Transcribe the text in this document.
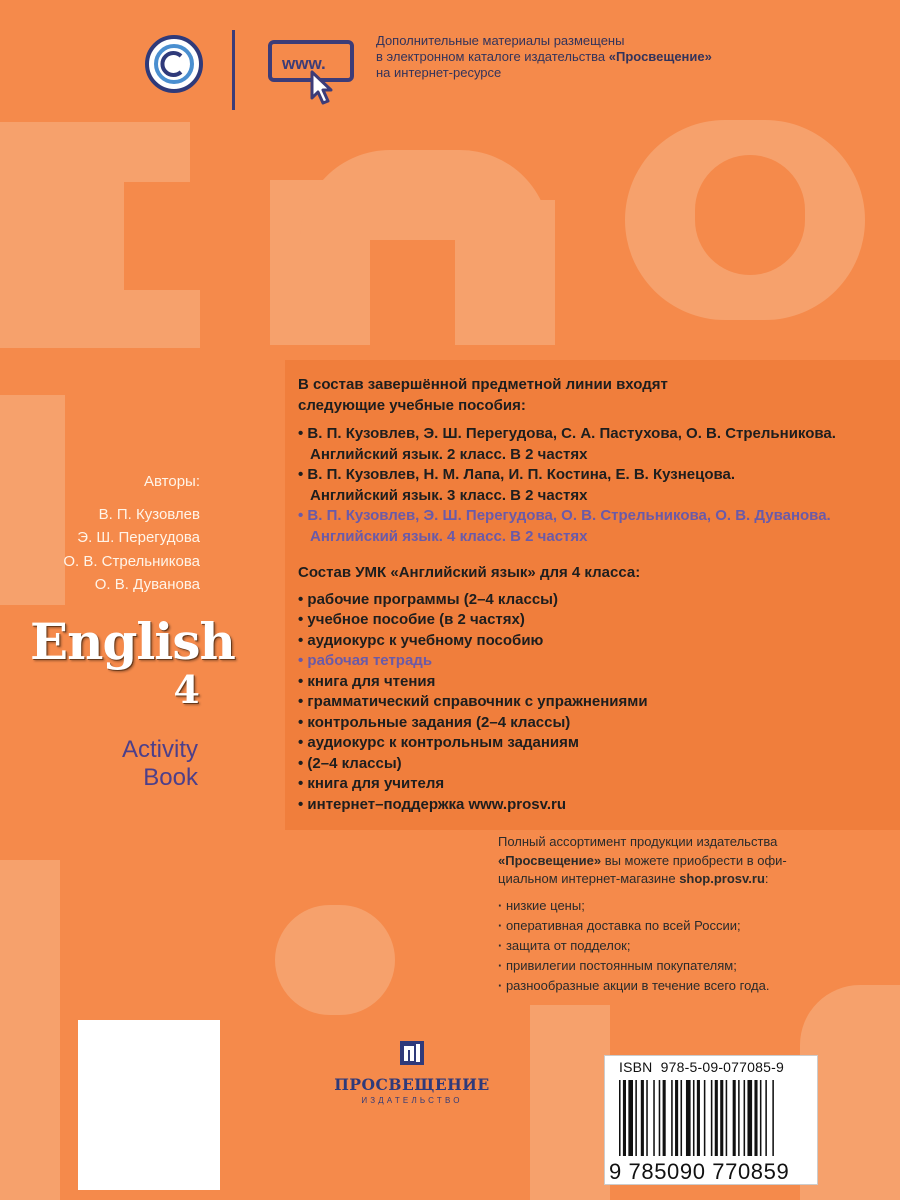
www.
Дополнительные материалы размещены
в электронном каталоге издательства «Просвещение»
на интернет-ресурсе
Авторы:
В. П. Кузовлев
Э. Ш. Перегудова
О. В. Стрельникова
О. В. Дуванова
English
4
Activity
Book

В состав завершённой предметной линии входят
следующие учебные пособия:

• В. П. Кузовлев, Э. Ш. Перегудова, С. А. Пастухова, О. В. Стрельникова.
Английский язык. 2 класс. В 2 частях
• В. П. Кузовлев, Н. М. Лапа, И. П. Костина, Е. В. Кузнецова.
Английский язык. 3 класс. В 2 частях
• В. П. Кузовлев, Э. Ш. Перегудова, О. В. Стрельникова, О. В. Дуванова.
Английский язык. 4 класс. В 2 частях

Состав УМК «Английский язык» для 4 класса:

• рабочие программы (2–4 классы)
• учебное пособие (в 2 частях)
• аудиокурс к учебному пособию
• рабочая тетрадь
• книга для чтения
• грамматический справочник с упражнениями
• контрольные задания (2–4 классы)
• аудиокурс к контрольным заданиям
• (2–4 классы)
• книга для учителя
• интернет–поддержка www.prosv.ru

Полный ассортимент продукции издательства
«Просвещение» вы можете приобрести в офи-
циальном интернет-магазине shop.prosv.ru:

· низкие цены;
· оперативная доставка по всей России;
· защита от подделок;
· привилегии постоянным покупателям;
· разнообразные акции в течение всего года.
ПРОСВЕЩЕНИЕ
ИЗДАТЕЛЬСТВО
ISBN 978-5-09-077085-9
9 785090 770859
